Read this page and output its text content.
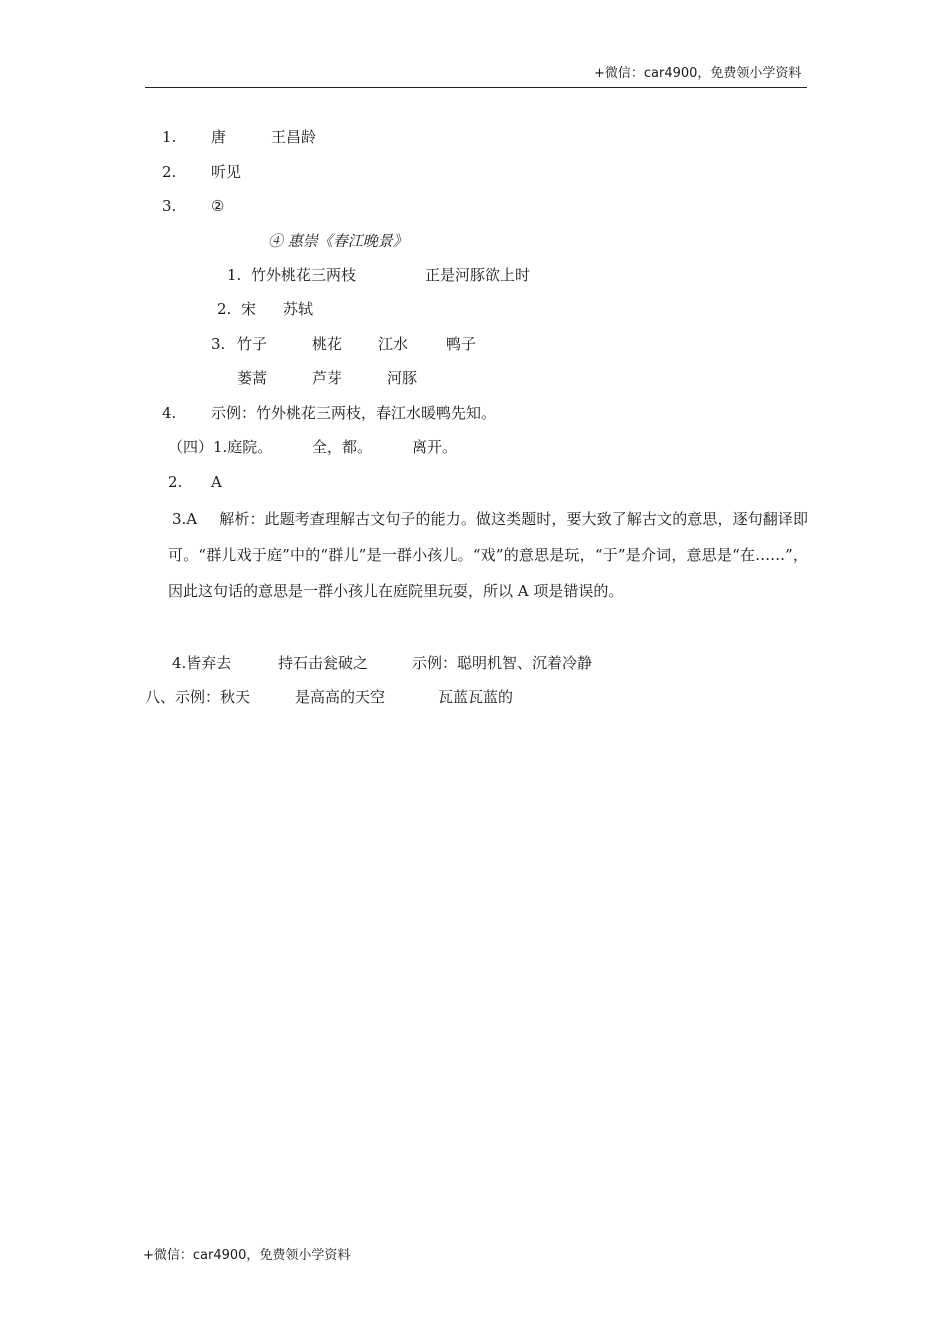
+微信：car4900，免费领小学资料
1. 唐	王昌龄
2. 听见
3. ②
④ 惠崇《春江晚景》
1. 竹外桃花三两枝	正是河豚欲上时
2. 宋 苏轼
3. 竹子	桃花 江水	鸭子
蒌蒿	芦芽	河豚
4. 示例：竹外桃花三两枝，春江水暖鸭先知。
（四）1.庭院。	全，都。	离开。
2. A
3.A 解析：此题考查理解古文句子的能力。做这类题时，要大致了解古文的意思，逐句翻译即可。“群儿戏于庭”中的“群儿”是一群小孩儿。“戏”的意思是玩，“于”是介词，意思是“在……”，因此这句话的意思是一群小孩儿在庭院里玩耍，所以 A 项是错误的。
4.皆弃去	持石击瓮破之	示例：聪明机智、沉着冷静
八、示例：秋天	是高高的天空	瓦蓝瓦蓝的
+微信：car4900，免费领小学资料
